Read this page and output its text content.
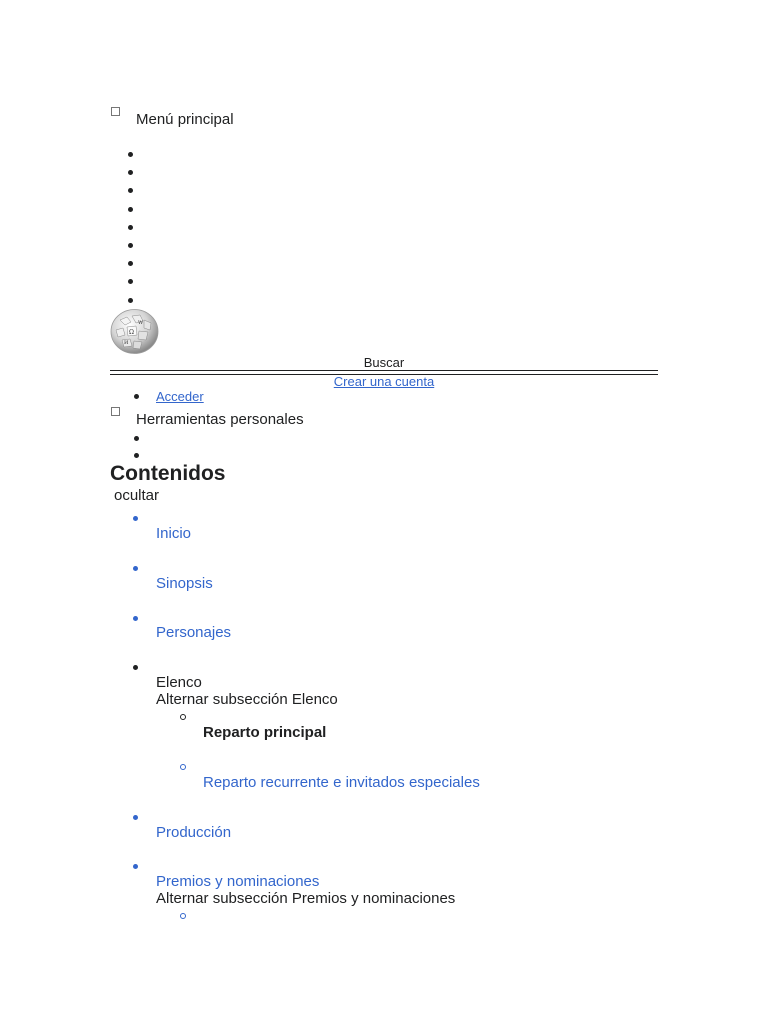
Menú principal
Ω
W
И
Buscar
Crear una cuenta
Acceder
Herramientas personales
Contenidos
ocultar
Inicio
Sinopsis
Personajes
Elenco
Alternar subsección Elenco
Reparto principal
Reparto recurrente e invitados especiales
Producción
Premios y nominaciones
Alternar subsección Premios y nominaciones
